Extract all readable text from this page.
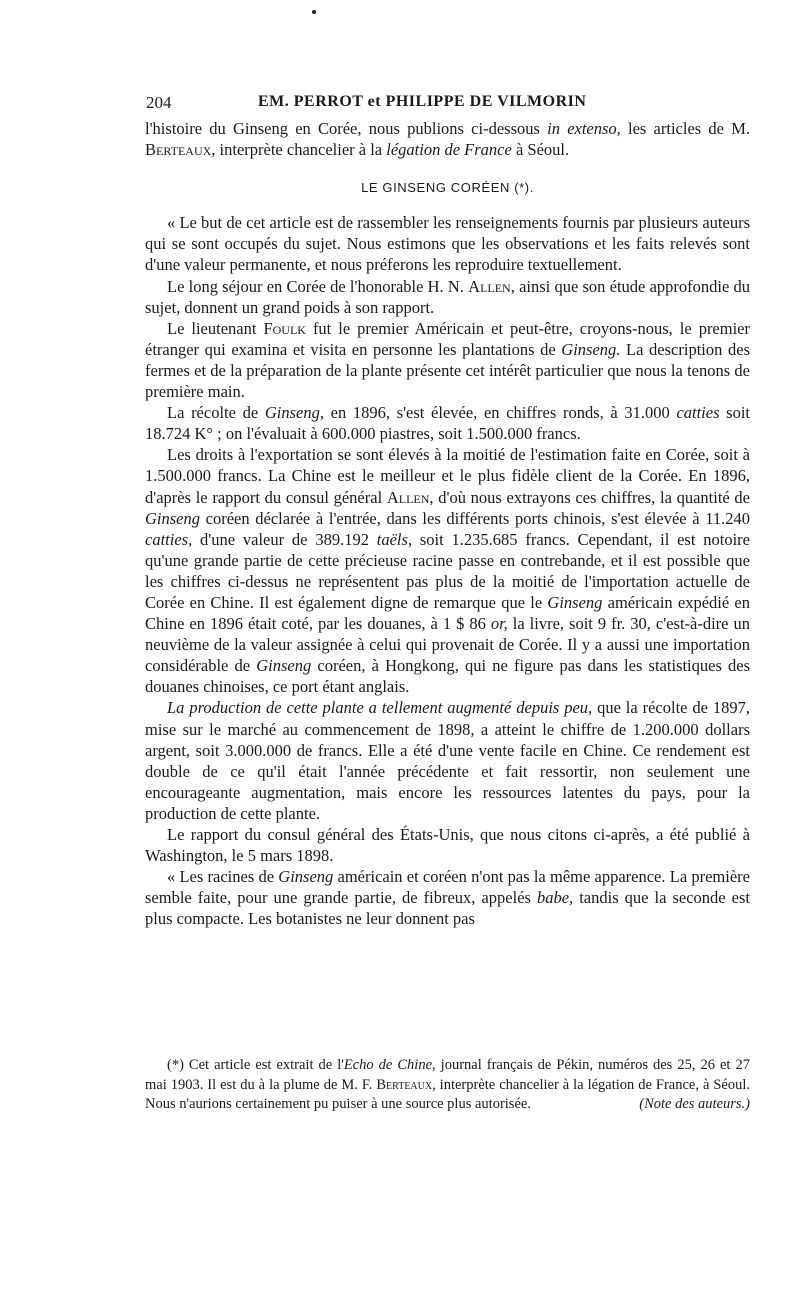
204	EM. PERROT et PHILIPPE DE VILMORIN

l'histoire du Ginseng en Corée, nous publions ci-dessous in extenso, les articles de M. Berteaux, interprète chancelier à la légation de France à Séoul.

LE GINSENG CORÉEN (*).

« Le but de cet article est de rassembler les renseignements fournis par plusieurs auteurs qui se sont occupés du sujet. Nous estimons que les observations et les faits relevés sont d'une valeur permanente, et nous préferons les reproduire textuellement.

Le long séjour en Corée de l'honorable H. N. Allen, ainsi que son étude approfondie du sujet, donnent un grand poids à son rapport.

Le lieutenant Foulk fut le premier Américain et peut-être, croyons-nous, le premier étranger qui examina et visita en personne les plantations de Ginseng. La description des fermes et de la préparation de la plante présente cet intérêt particulier que nous la tenons de première main.

La récolte de Ginseng, en 1896, s'est élevée, en chiffres ronds, à 31.000 catties soit 18.724 K° ; on l'évaluait à 600.000 piastres, soit 1.500.000 francs.

Les droits à l'exportation se sont élevés à la moitié de l'estimation faite en Corée, soit à 1.500.000 francs. La Chine est le meilleur et le plus fidèle client de la Corée. En 1896, d'après le rapport du consul général Allen, d'où nous extrayons ces chiffres, la quantité de Ginseng coréen déclarée à l'entrée, dans les différents ports chinois, s'est élevée à 11.240 catties, d'une valeur de 389.192 taëls, soit 1.235.685 francs. Cependant, il est notoire qu'une grande partie de cette précieuse racine passe en contrebande, et il est possible que les chiffres ci-dessus ne représentent pas plus de la moitié de l'importation actuelle de Corée en Chine. Il est également digne de remarque que le Ginseng américain expédié en Chine en 1896 était coté, par les douanes, à 1 $ 86 or, la livre, soit 9 fr. 30, c'est-à-dire un neuvième de la valeur assignée à celui qui provenait de Corée. Il y a aussi une importation considérable de Ginseng coréen, à Hongkong, qui ne figure pas dans les statistiques des douanes chinoises, ce port étant anglais.

La production de cette plante a tellement augmenté depuis peu, que la récolte de 1897, mise sur le marché au commencement de 1898, a atteint le chiffre de 1.200.000 dollars argent, soit 3.000.000 de francs. Elle a été d'une vente facile en Chine. Ce rendement est double de ce qu'il était l'année précédente et fait ressortir, non seulement une encourageante augmentation, mais encore les ressources latentes du pays, pour la production de cette plante.

Le rapport du consul général des États-Unis, que nous citons ci-après, a été publié à Washington, le 5 mars 1898.

« Les racines de Ginseng américain et coréen n'ont pas la même apparence. La première semble faite, pour une grande partie, de fibreux, appelés babe, tandis que la seconde est plus compacte. Les botanistes ne leur donnent pas

(*) Cet article est extrait de l'Echo de Chine, journal français de Pékin, numéros des 25, 26 et 27 mai 1903. Il est du à la plume de M. F. Berteaux, interprète chancelier à la légation de France, à Séoul. Nous n'aurions certainement pu puiser à une source plus autorisée.	(Note des auteurs.)
